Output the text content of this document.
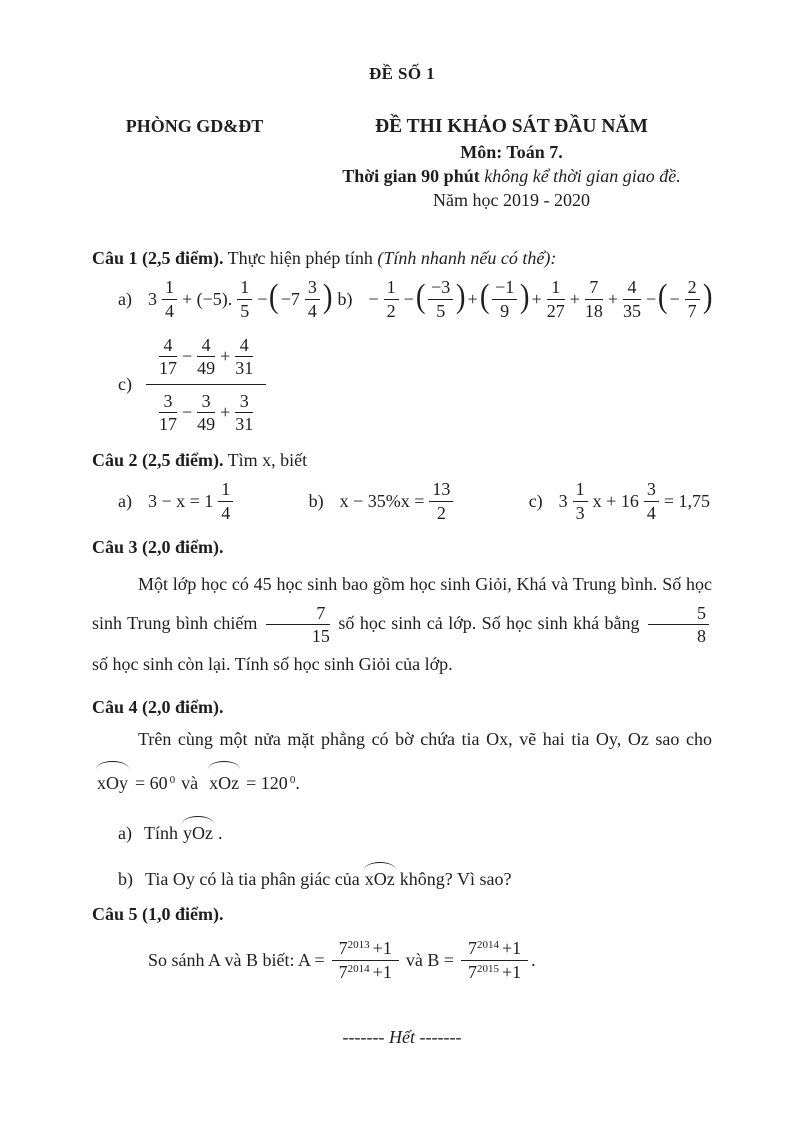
ĐỀ SỐ 1
PHÒNG GD&ĐT	ĐỀ THI KHẢO SÁT ĐẦU NĂM
Môn: Toán 7.
Thời gian 90 phút không kể thời gian giao đề.
Năm học 2019 - 2020
Câu 1 (2,5 điểm). Thực hiện phép tính (Tính nhanh nếu có thể):
a) $3 \frac{1}{4} + (-5)$. $\frac{1}{5}$ − ( $-7 \frac{3}{4}$ ) $b) - \frac{1}{2}$ − ( $\frac{-3}{5}$ ) + ( $\frac{-1}{9}$ ) + $\frac{1}{27} + \frac{7}{18} + \frac{4}{35}$ − ( − $\frac{2}{7}$ )
$c) \frac{\frac{4}{17} - \frac{4}{49} + \frac{4}{31}}{\frac{3}{17} - \frac{3}{49} + \frac{3}{31}}$
Câu 2 (2,5 điểm). Tìm x, biết
a) $3 - x = 1 \frac{1}{4}$	b) $x - 35\%x = \frac{13}{2}$	c) $3 \frac{1}{3}$ $x + 16 \frac{3}{4} = 1,75$
Câu 3 (2,0 điểm).

Một lớp học có 45 học sinh bao gồm học sinh Giỏi, Khá và Trung bình. Số học sinh Trung bình chiếm $\frac{7}{15}$ số học sinh cả lớp. Số học sinh khá bằng $\frac{5}{8}$
số học sinh còn lại. Tính số học sinh Giỏi của lớp.

Câu 4 (2,0 điểm).

Trên cùng một nửa mặt phẳng có bờ chứa tia Ox, vẽ hai tia Oy, Oz sao cho

xOy = 60 $^0$ và xOz = 120 $^0$.
a) Tính yOz .
b) Tia Oy có là tia phân giác của xOz không? Vì sao?
Câu 5 (1,0 điểm).
So sánh A và B biết: $A = \frac{7^{2013} +1}{7^{2014} +1}$ và $B = \frac{7^{2014} +1}{7^{2015} +1}$ .
------- Hết -------
